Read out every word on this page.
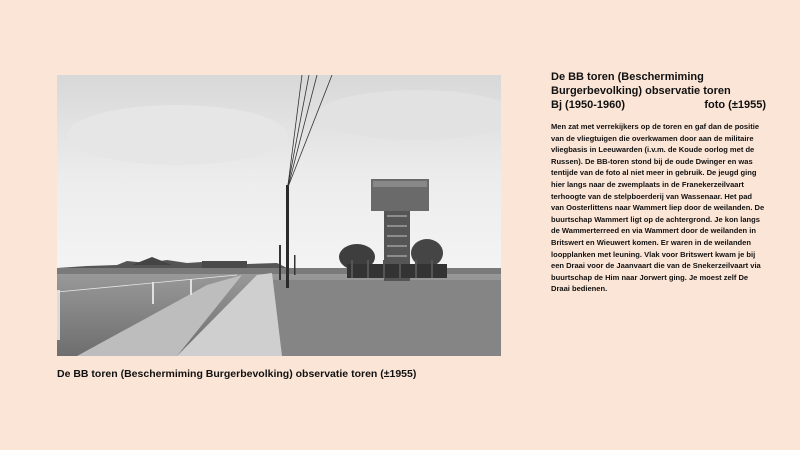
De BB toren (Beschermiming Burgerbevolking) observatie toren (±1955)
De BB toren (Beschermiming
Burgerbevolking) observatie toren
Bj (1950-1960)	foto (±1955)
Men zat met verrekijkers op de toren en gaf dan de positie van de vliegtuigen die overkwamen door aan de militaire vliegbasis in Leeuwarden (i.v.m. de Koude oorlog met de Russen). De BB-toren stond bij de oude Dwinger en was tentijde van de foto al niet meer in gebruik. De jeugd ging hier langs naar de zwemplaats in de Franekerzeilvaart terhoogte van de stelpboerderij van Wassenaar. Het pad van Oosterlittens naar Wammert liep door de weilanden. De buurtschap Wammert ligt op de achtergrond. Je kon langs de Wammerterreed en via Wammert door de weilanden in Britswert en Wieuwert komen. Er waren in de weilanden loopplanken met leuning. Vlak voor Britswert kwam je bij een Draai voor de Jaanvaart die van de Snekerzeilvaart via buurtschap de Him naar Jorwert ging. Je moest zelf De Draai bedienen.
